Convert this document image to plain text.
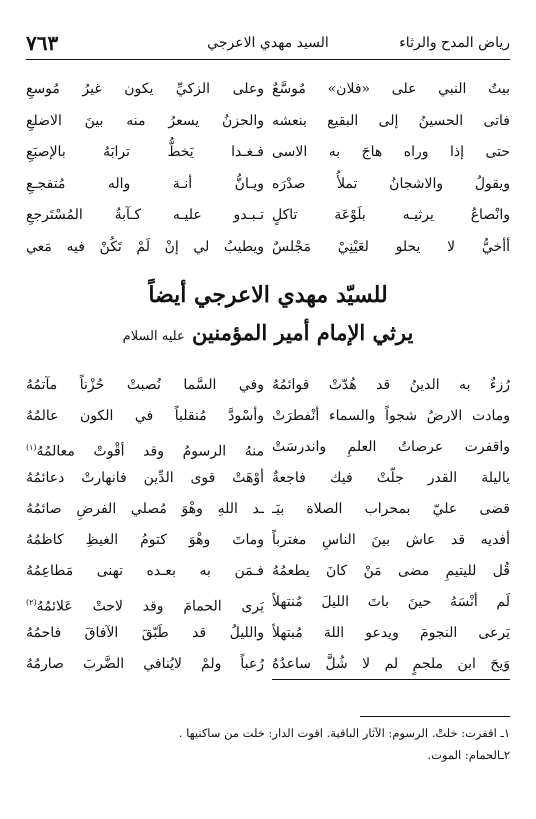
رياض المدح والرثاء
السيد مهدي الاعرجي
٧٦٣
بيتُ النبي على «فلان» مُوسَّعٌ
وعلى الزكيِّ يكون غيرُ مُوسعِ
فاتى الحسينُ إلى البقيع بنعشه
والحزنُ يسعرُ منه بينَ الاضلعِ
حتى إذا وراه هاجَ به الاسى
فـغـدا يَخطُّ ترابَهُ بالإصبَعِ
ويقولُ والاشجانُ تملأُ صدْرَه
ويـانُّ أنـة واله مُتفجـعِ
وانْصاعُ يرثيـه بلَوْعَة تاكلٍ
تـبـدو عليـه كـآبةُ المُسْتَرجعِ
أأخيُّ لا يحلو لعَيْنِيْ مَجْلسٌ
ويطيبُ لي إنْ لَمْ تَكُنْ فيه مَعي
للسيّد مهدي الاعرجي أيضاً
يرثي الإمام أمير المؤمنين عليه السلام
رُزءٌ به الدينُ قد هُدّتْ قوائمُهُ
وفي السَّما نُصبتْ حُزْناً مآتمُهُ
ومادت الارضُ شجواً والسماء أنْفطرَتْ
وأسْودَّ مُنقلباً في الكون عالمُهُ
واقفرت عرصاتُ العلمِ واندرسَتْ
منهُ الرسومُ وقد أقْوتْ معالمُهُ$^{(١)}$
ياليلة القدر جلّتْ فيك فاجعةٌ
أوْهَتْ قوى الدِّين فانهارتْ دعائمُهُ
قضى عليّ بمحراب الصلاة بيَـ
ـد اللهِ وهْوَ مُصلي الفرضِ صائمُهُ
أفديه قد عاش بينَ الناسِ مغترباً
وماتَ وهْوَ كتومُ الغيظِ كاظمُهُ
قُل لليتيمِ مضى مَنْ كانَ يطعمُهُ
فـمَن به بعـده تهنى مَطاعِمُهُ
لَم أنْسَهُ حينَ باتَ الليلَ مُنتهلاً
يَرى الحمامَ وقد لاحتْ عَلائمُهُ$^{(٢)}$
يَرعى النجومَ ويدعو اللهَ مُبتهلاً
والليلُ قد طَبّقَ الآفاقَ فاحمُهُ
وَيحَ ابن ملجمٍ لم لا شُلَّ ساعدُهُ
رُعباً ولمْ لايُنافي الضَّربَ صارمُهُ
١ـ اقفرت: خلتْ. الرسوم: الآثار الباقية. اقوت الدار: خلت من ساكنيها .
٢ـالحمام: الموت.
